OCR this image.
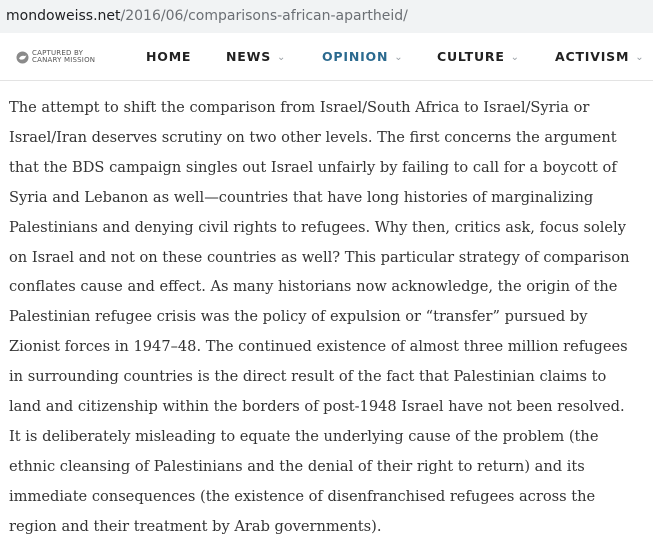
mondoweiss.net/2016/06/comparisons-african-apartheid/
CAPTURED BY
CANARY MISSION	HOME	NEWS ⌄	OPINION ⌄	CULTURE ⌄	ACTIVISM ⌄

The attempt to shift the comparison from Israel/South Africa to Israel/Syria or
Israel/Iran deserves scrutiny on two other levels. The first concerns the argument
that the BDS campaign singles out Israel unfairly by failing to call for a boycott of
Syria and Lebanon as well—countries that have long histories of marginalizing
Palestinians and denying civil rights to refugees. Why then, critics ask, focus solely
on Israel and not on these countries as well? This particular strategy of comparison
conflates cause and effect. As many historians now acknowledge, the origin of the
Palestinian refugee crisis was the policy of expulsion or “transfer” pursued by
Zionist forces in 1947–48. The continued existence of almost three million refugees
in surrounding countries is the direct result of the fact that Palestinian claims to
land and citizenship within the borders of post-1948 Israel have not been resolved.
It is deliberately misleading to equate the underlying cause of the problem (the
ethnic cleansing of Palestinians and the denial of their right to return) and its
immediate consequences (the existence of disenfranchised refugees across the
region and their treatment by Arab governments).
